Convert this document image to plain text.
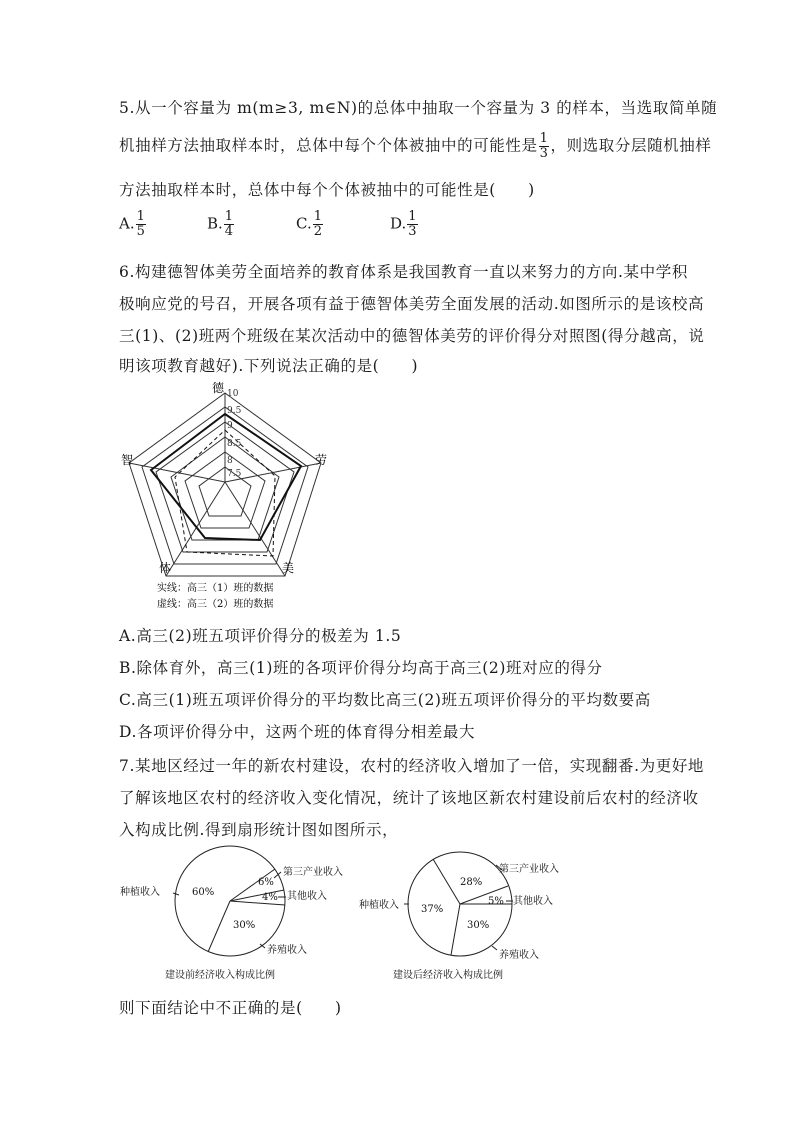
5.从一个容量为 m(m≥3, m∈N)的总体中抽取一个容量为 3 的样本，当选取简单随
机抽样方法抽取样本时，总体中每个个体被抽中的可能性是 $\frac{1}{3}$ ，则选取分层随机抽样
方法抽取样本时，总体中每个个体被抽中的可能性是(　　)
A. $\frac{1}{5}$	B. $\frac{1}{4}$	C. $\frac{1}{2}$	D. $\frac{1}{3}$
6.构建德智体美劳全面培养的教育体系是我国教育一直以来努力的方向.某中学积
极响应党的号召，开展各项有益于德智体美劳全面发展的活动.如图所示的是该校高
三(1)、(2)班两个班级在某次活动中的德智体美劳的评价得分对照图(得分越高，说
明该项教育越好).下列说法正确的是(　　)
德
劳
美
体
智
10
9.5
9
8.5
8
7.5
实线：高三（1）班的数据
虚线：高三（2）班的数据
A.高三(2)班五项评价得分的极差为 1.5
B.除体育外，高三(1)班的各项评价得分均高于高三(2)班对应的得分
C.高三(1)班五项评价得分的平均数比高三(2)班五项评价得分的平均数要高
D.各项评价得分中，这两个班的体育得分相差最大
7.某地区经过一年的新农村建设，农村的经济收入增加了一倍，实现翻番.为更好地
了解该地区农村的经济收入变化情况，统计了该地区新农村建设前后农村的经济收
入构成比例.得到扇形统计图如图所示，
60%
6%
4%
30%
种植收入
第三产业收入
其他收入
养殖收入
建设前经济收入构成比例
37%
28%
5%
30%
种植收入
第三产业收入
其他收入
养殖收入
建设后经济收入构成比例
则下面结论中不正确的是(　　)
